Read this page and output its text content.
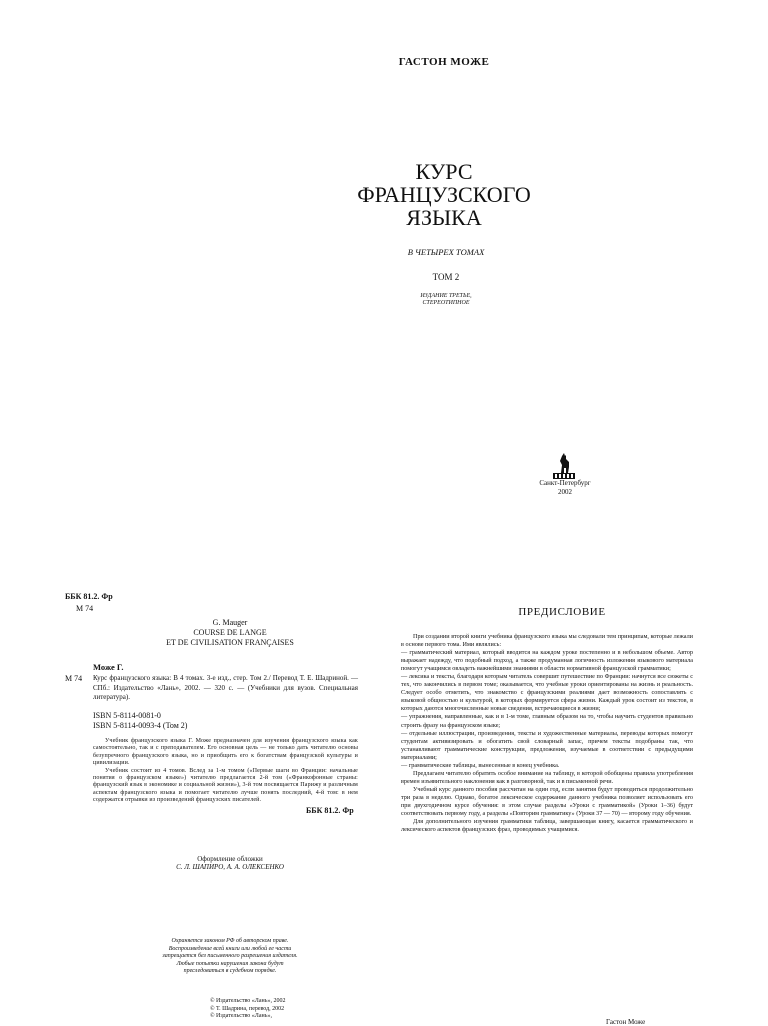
ГАСТОН МОЖЕ
КУРС
ФРАНЦУЗСКОГО
ЯЗЫКА
В ЧЕТЫРЕХ ТОМАХ
ТОМ 2
ИЗДАНИЕ ТРЕТЬЕ,
СТЕРЕОТИПНОЕ
Санкт-Петербург
2002
ББК 81.2. Фр
М 74
G. Mauger
COURSE DE LANGE
ET DE CIVILISATION FRANÇAISES
Може Г.
М 74 Курс французского языка: В 4 томах. 3-е изд., стер. Том 2./ Перевод Т. Е. Шадриной. — СПб.: Издательство «Лань», 2002. — 320 с. — (Учебники для вузов. Специальная литература).
ISBN 5-8114-0081-0
ISBN 5-8114-0093-4 (Том 2)

Учебник французского языка Г. Може предназначен для изучения французского языка как самостоятельно, так и с преподавателем. Его основная цель — не только дать читателю основы безупречного французского языка, но и приобщить его к богатствам французской культуры и цивилизации.

Учебник состоит из 4 томов. Вслед за 1-м томом («Первые шаги во Франции: начальные понятия о французском языке») читателю предлагается 2-й том («Франкофонные страны: французский язык в экономике и социальной жизни»), 3-й том посвящается Парижу и различным аспектам французского языка и помогает читателю лучше понять последний, 4-й том: в нем содержатся отрывки из произведений французских писателей.

ББК 81.2. Фр
Оформление обложки
С. Л. ШАПИРО, А. А. ОЛЕКСЕНКО
Охраняется законом РФ об авторском праве.
Воспроизведение всей книги или любой ее части
запрещается без письменного разрешения издателя.
Любые попытки нарушения закона будут
преследоваться в судебном порядке.
© Издательство «Лань», 2002
© Т. Шадрина, перевод, 2002
© Издательство «Лань»,
ПРЕДИСЛОВИЕ

При создании второй книги учебника французского языка мы следовали тем принципам, которые лежали в основе первого тома. Ими являлись:

— грамматический материал, который вводится на каждом уроке постепенно и в небольшом объеме. Автор выражает надежду, что подобный подход, а также продуманная логичность изложения языкового материала помогут учащимся овладеть важнейшими знаниями в области нормативной французской грамматики;

— лексика и тексты, благодаря которым читатель совершит путешествие по Франции: начнутся все сюжеты с тех, что закончились в первом томе; оказывается, что учебные уроки ориентированы на жизнь и реальность. Следует особо отметить, что знакомство с французскими реалиями дает возможность сопоставлять с языковой общностью и культурой, в которых формируется сфера жизни. Каждый урок состоит из текстов, в которых даются многочисленные новые сведения, встречающиеся в жизни;

— упражнения, направленные, как и в 1-м томе, главным образом на то, чтобы научить студентов правильно строить фразу на французском языке;

— отдельные иллюстрации, произведения, тексты и художественные материалы, переводы которых помогут студентам активизировать и обогатить свой словарный запас, причем тексты подобраны так, что устанавливают грамматические конструкции, предложения, изучаемые в соответствии с предыдущими материалами;

— грамматические таблицы, вынесенные в конец учебника.

Предлагаем читателю обратить особое внимание на таблицу, в которой обобщены правила употребления времен изъявительного наклонения как в разговорной, так и в письменной речи.

Учебный курс данного пособия рассчитан на один год, если занятия будут проводиться продолжительно три раза в неделю. Однако, богатое лексическое содержание данного учебника позволяет использовать его при двухгодичном курсе обучения: в этом случае разделы «Уроки с грамматикой» (Уроки 1–36) будут соответствовать первому году, а разделы «Повторим грамматику» (Уроки 37 — 70) — второму году обучения.

Для дополнительного изучения грамматики таблица, завершающая книгу, касается грамматического и лексического аспектов французских фраз, проводимых учащимися.

Гастон Може
